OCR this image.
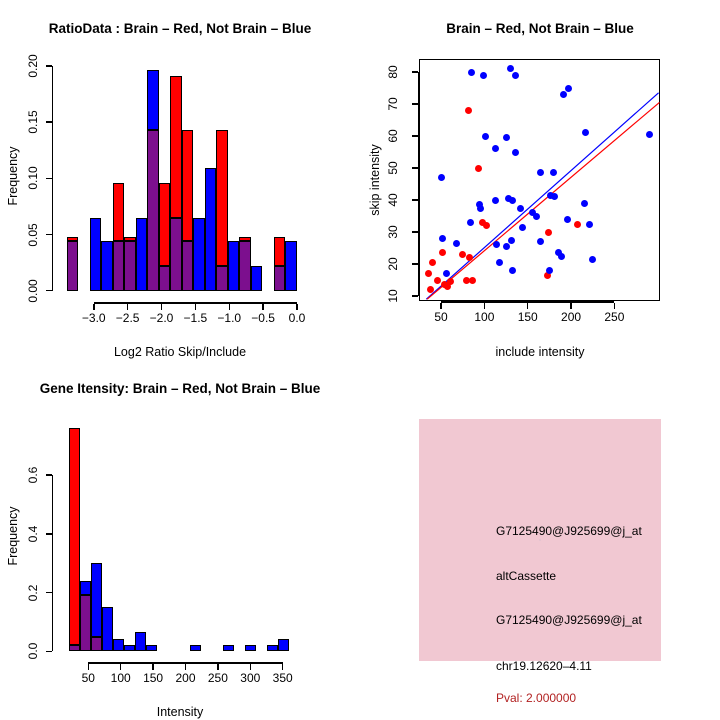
RatioData : Brain – Red, Not Brain – Blue
Log2 Ratio Skip/Include
Frequency
0.00
0.05
0.10
0.15
0.20
−3.0 −2.5 −2.0 −1.5 −1.0 −0.5	0.0
Brain – Red, Not Brain – Blue
include intensity
skip intensity
10
20
30
40
50
60
70
80
50	100	150	200	250
Gene Itensity: Brain – Red, Not Brain – Blue
Intensity
Frequency
0.0
0.2
0.4
0.6
50	100	150	200	250	300	350
G7125490@J925699@j_at
altCassette
G7125490@J925699@j_at
chr19.12620–4.11
Pval: 2.000000
